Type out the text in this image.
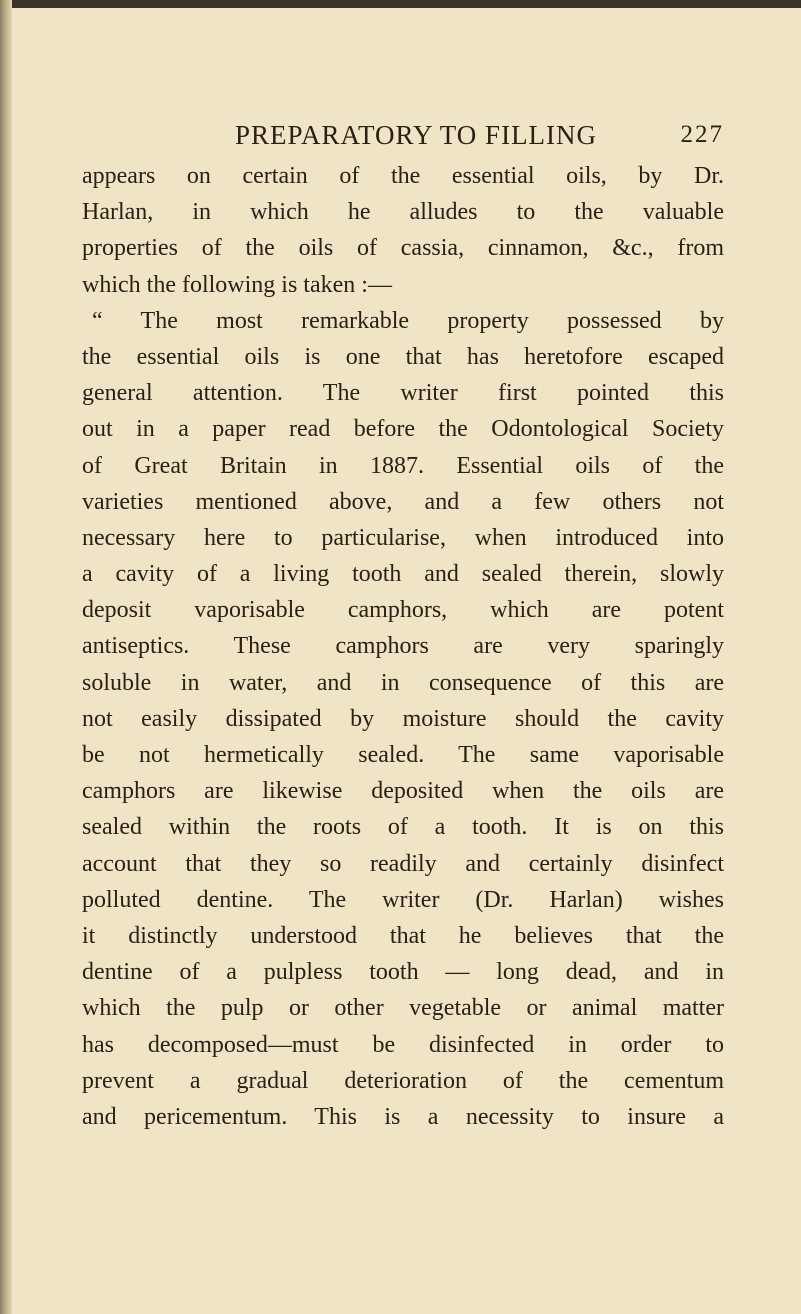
PREPARATORY TO FILLING	227
appears on certain of the essential oils, by Dr.
Harlan, in which he alludes to the valuable
properties of the oils of cassia, cinnamon, &c., from
which the following is taken :—
“ The most remarkable property possessed by
the essential oils is one that has heretofore escaped
general attention. The writer first pointed this
out in a paper read before the Odontological Society
of Great Britain in 1887. Essential oils of the
varieties mentioned above, and a few others not
necessary here to particularise, when introduced into
a cavity of a living tooth and sealed therein, slowly
deposit vaporisable camphors, which are potent
antiseptics. These camphors are very sparingly
soluble in water, and in consequence of this are
not easily dissipated by moisture should the cavity
be not hermetically sealed. The same vaporisable
camphors are likewise deposited when the oils are
sealed within the roots of a tooth. It is on this
account that they so readily and certainly disinfect
polluted dentine. The writer (Dr. Harlan) wishes
it distinctly understood that he believes that the
dentine of a pulpless tooth — long dead, and in
which the pulp or other vegetable or animal matter
has decomposed—must be disinfected in order to
prevent a gradual deterioration of the cementum
and pericementum. This is a necessity to insure a
